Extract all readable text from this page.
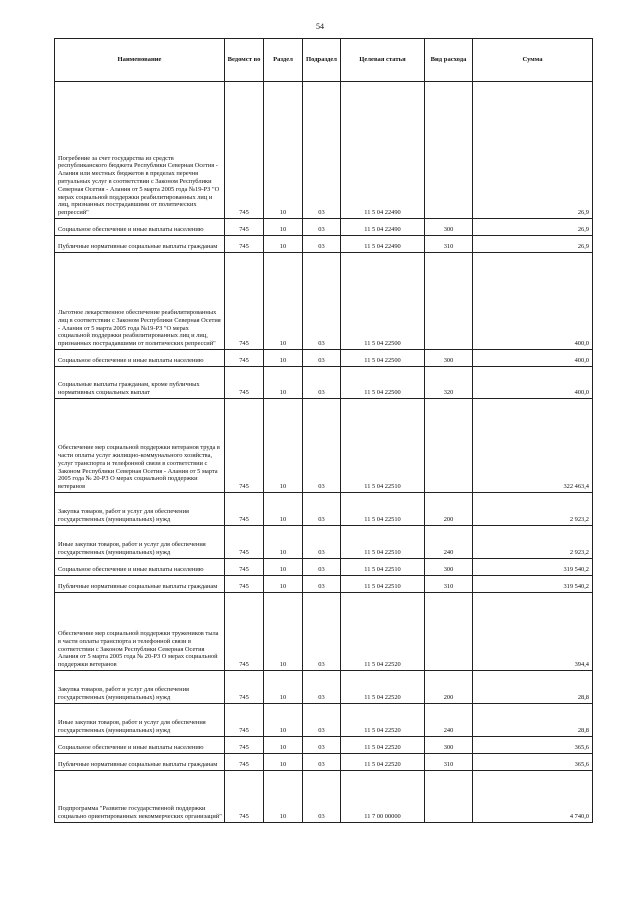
54
Наименование	Ведомст во	Раздел	Подраздел	Целевая статья	Вид расхода	Сумма
Погребение за счет государства из средств республиканского бюджета Республики Северная Осетия - Алания или местных бюджетов в пределах перечня ритуальных услуг в соответствии с Законом Республики Северная Осетия - Алания от 5 марта 2005 года №19-РЗ "О мерах социальной поддержки реабилитированных лиц и лиц, признанных пострадавшими от политических репрессий"	745	10	03	11 5 04 22490		26,9
Социальное обеспечение и иные выплаты населению	745	10	03	11 5 04 22490	300	26,9
Публичные нормативные социальные выплаты гражданам	745	10	03	11 5 04 22490	310	26,9
Льготное лекарственное обеспечение реабилитированных лиц в соответствии с Законом Республики Северная Осетия - Алания от 5 марта 2005 года №19-РЗ "О мерах социальной поддержки реабилитированных лиц и лиц, признанных пострадавшими от политических репрессий"	745	10	03	11 5 04 22500		400,0
Социальное обеспечение и иные выплаты населению	745	10	03	11 5 04 22500	300	400,0
Социальные выплаты гражданам, кроме публичных нормативных социальных выплат	745	10	03	11 5 04 22500	320	400,0
Обеспечение мер социальной поддержки ветеранов труда в части оплаты услуг жилищно-коммунального хозяйства, услуг транспорта и телефонной связи в соответствии с Законом Республики Северная Осетия - Алания от 5 марта 2005 года № 20-РЗ О мерах социальной поддержки ветеранов	745	10	03	11 5 04 22510		322 463,4
Закупка товаров, работ и услуг для обеспечения государственных (муниципальных) нужд	745	10	03	11 5 04 22510	200	2 923,2
Иные закупки товаров, работ и услуг для обеспечения государственных (муниципальных) нужд	745	10	03	11 5 04 22510	240	2 923,2
Социальное обеспечение и иные выплаты населению	745	10	03	11 5 04 22510	300	319 540,2
Публичные нормативные социальные выплаты гражданам	745	10	03	11 5 04 22510	310	319 540,2
Обеспечение мер социальной поддержки тружеников тыла в части оплаты транспорта и телефонной связи в соответствии с Законом Республики Северная Осетия Алания от 5 марта 2005 года № 20-РЗ О мерах социальной поддержки ветеранов	745	10	03	11 5 04 22520		394,4
Закупка товаров, работ и услуг для обеспечения государственных (муниципальных) нужд	745	10	03	11 5 04 22520	200	28,8
Иные закупки товаров, работ и услуг для обеспечения государственных (муниципальных) нужд	745	10	03	11 5 04 22520	240	28,8
Социальное обеспечение и иные выплаты населению	745	10	03	11 5 04 22520	300	365,6
Публичные нормативные социальные выплаты гражданам	745	10	03	11 5 04 22520	310	365,6
Подпрограмма "Развитие государственной поддержки социально ориентированных некоммерческих организаций"	745	10	03	11 7 00 00000		4 740,0
